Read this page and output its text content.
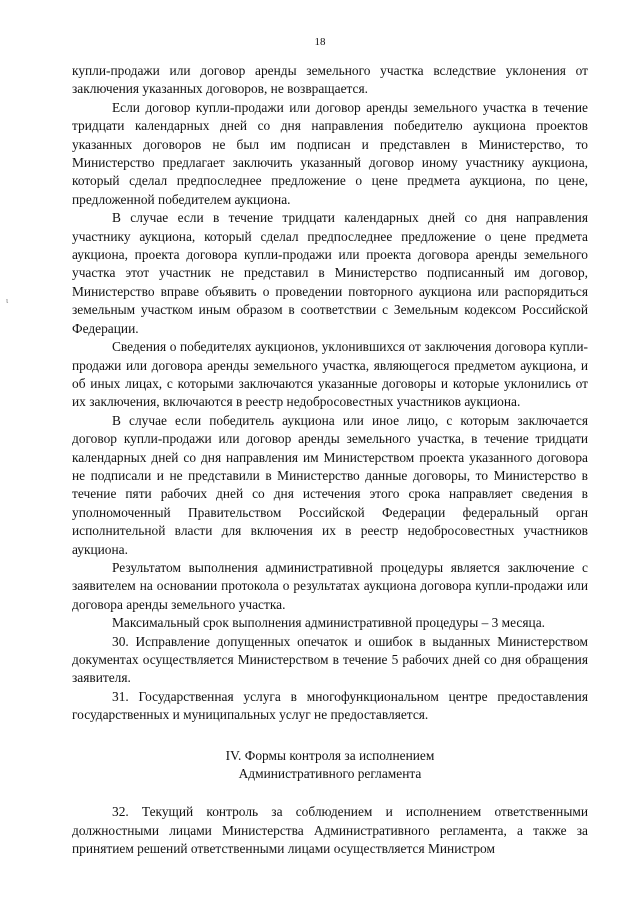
18
ι

купли-продажи или договор аренды земельного участка вследствие уклонения от заключения указанных договоров, не возвращается.

Если договор купли-продажи или договор аренды земельного участка в течение тридцати календарных дней со дня направления победителю аукциона проектов указанных договоров не был им подписан и представлен в Министерство, то Министерство предлагает заключить указанный договор иному участнику аукциона, который сделал предпоследнее предложение о цене предмета аукциона, по цене, предложенной победителем аукциона.

В случае если в течение тридцати календарных дней со дня направления участнику аукциона, который сделал предпоследнее предложение о цене предмета аукциона, проекта договора купли-продажи или проекта договора аренды земельного участка этот участник не представил в Министерство подписанный им договор, Министерство вправе объявить о проведении повторного аукциона или распорядиться земельным участком иным образом в соответствии с Земельным кодексом Российской Федерации.

Сведения о победителях аукционов, уклонившихся от заключения договора купли-продажи или договора аренды земельного участка, являющегося предметом аукциона, и об иных лицах, с которыми заключаются указанные договоры и которые уклонились от их заключения, включаются в реестр недобросовестных участников аукциона.

В случае если победитель аукциона или иное лицо, с которым заключается договор купли-продажи или договор аренды земельного участка, в течение тридцати календарных дней со дня направления им Министерством проекта указанного договора не подписали и не представили в Министерство данные договоры, то Министерство в течение пяти рабочих дней со дня истечения этого срока направляет сведения в уполномоченный Правительством Российской Федерации федеральный орган исполнительной власти для включения их в реестр недобросовестных участников аукциона.

Результатом выполнения административной процедуры является заключение с заявителем на основании протокола о результатах аукциона договора купли-продажи или договора аренды земельного участка.

Максимальный срок выполнения административной процедуры – 3 месяца.

30. Исправление допущенных опечаток и ошибок в выданных Министерством документах осуществляется Министерством в течение 5 рабочих дней со дня обращения заявителя.

31. Государственная услуга в многофункциональном центре предоставления государственных и муниципальных услуг не предоставляется.

IV. Формы контроля за исполнением
Административного регламента

32. Текущий контроль за соблюдением и исполнением ответственными должностными лицами Министерства Административного регламента, а также за принятием решений ответственными лицами осуществляется Министром
